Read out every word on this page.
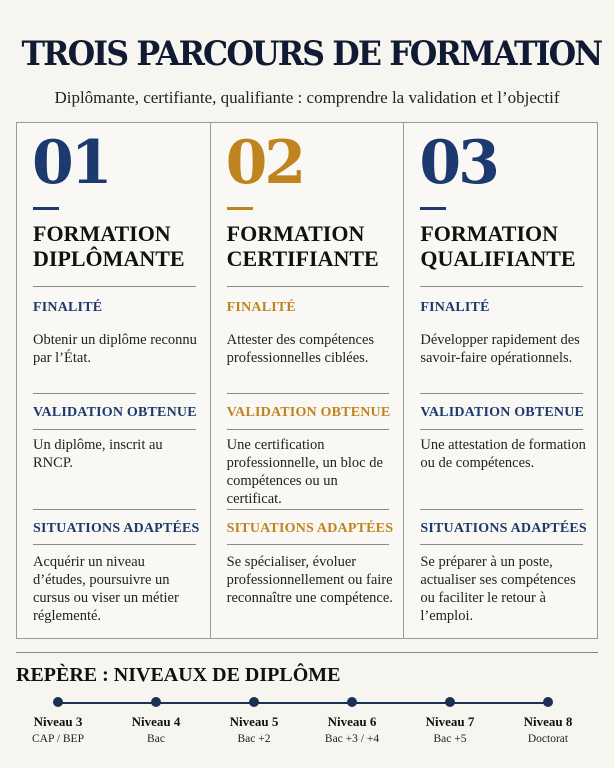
TROIS PARCOURS DE FORMATION
Diplômante, certifiante, qualifiante : comprendre la validation et l’objectif
01
FORMATION
DIPLÔMANTE
FINALITÉ
Obtenir un diplôme reconnu par l’État.
VALIDATION OBTENUE
Un diplôme, inscrit au RNCP.
SITUATIONS ADAPTÉES
Acquérir un niveau d’études, poursuivre un cursus ou viser un métier réglementé.
02
FORMATION
CERTIFIANTE
FINALITÉ
Attester des compétences professionnelles ciblées.
VALIDATION OBTENUE
Une certification professionnelle, un bloc de compétences ou un certificat.
SITUATIONS ADAPTÉES
Se spécialiser, évoluer professionnellement ou faire reconnaître une compétence.
03
FORMATION
QUALIFIANTE
FINALITÉ
Développer rapidement des savoir-faire opérationnels.
VALIDATION OBTENUE
Une attestation de formation ou de compétences.
SITUATIONS ADAPTÉES
Se préparer à un poste, actualiser ses compétences ou faciliter le retour à l’emploi.
REPÈRE : NIVEAUX DE DIPLÔME
Niveau 3
CAP / BEP
Niveau 4
Bac
Niveau 5
Bac +2
Niveau 6
Bac +3 / +4
Niveau 7
Bac +5
Niveau 8
Doctorat
